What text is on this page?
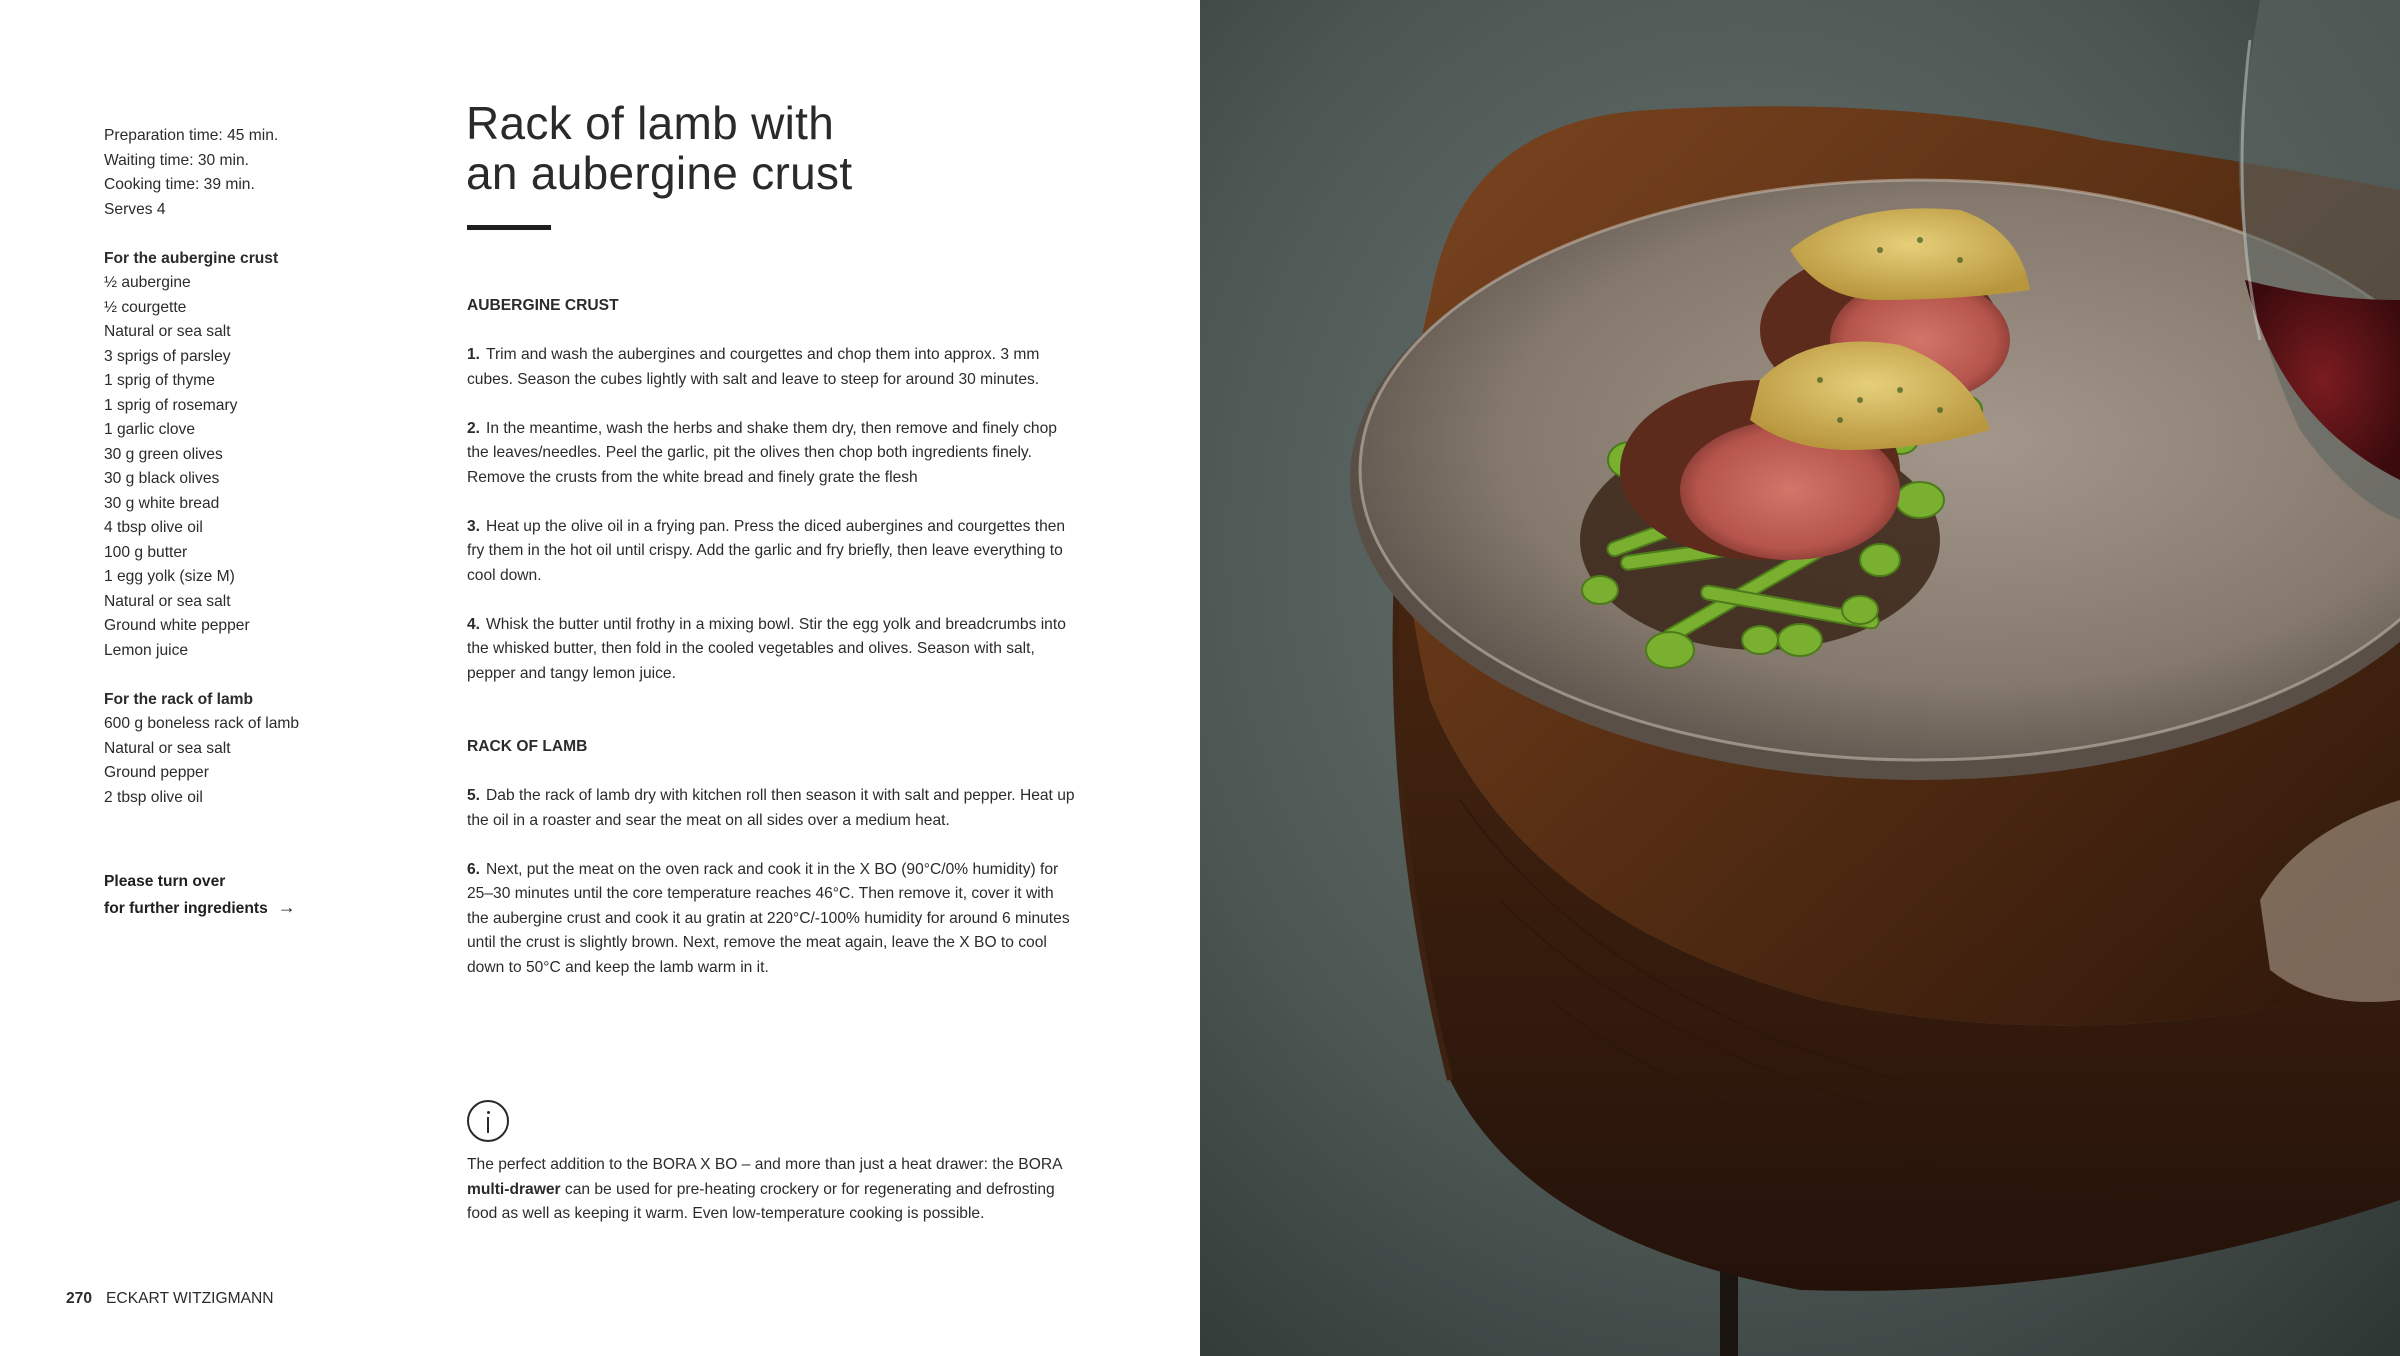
Preparation time: 45 min.
Waiting time: 30 min.
Cooking time: 39 min.
Serves 4
For the aubergine crust
½ aubergine
½ courgette
Natural or sea salt
3 sprigs of parsley
1 sprig of thyme
1 sprig of rosemary
1 garlic clove
30 g green olives
30 g black olives
30 g white bread
4 tbsp olive oil
100 g butter
1 egg yolk (size M)
Natural or sea salt
Ground white pepper
Lemon juice
For the rack of lamb
600 g boneless rack of lamb
Natural or sea salt
Ground pepper
2 tbsp olive oil
Please turn over
for further ingredients →
Rack of lamb with
an aubergine crust
AUBERGINE CRUST

1. Trim and wash the aubergines and courgettes and chop them into approx. 3 mm cubes. Season the cubes lightly with salt and leave to steep for around 30 minutes.

2. In the meantime, wash the herbs and shake them dry, then remove and finely chop the leaves/needles. Peel the garlic, pit the olives then chop both ingredients finely. Remove the crusts from the white bread and finely grate the flesh

3. Heat up the olive oil in a frying pan. Press the diced aubergines and courgettes then fry them in the hot oil until crispy. Add the garlic and fry briefly, then leave everything to cool down.

4. Whisk the butter until frothy in a mixing bowl. Stir the egg yolk and breadcrumbs into the whisked butter, then fold in the cooled vegetables and olives. Season with salt, pepper and tangy lemon juice.

RACK OF LAMB

5. Dab the rack of lamb dry with kitchen roll then season it with salt and pepper. Heat up the oil in a roaster and sear the meat on all sides over a medium heat.

6. Next, put the meat on the oven rack and cook it in the X BO (90°C/0% humidity) for 25–30 minutes until the core temperature reaches 46°C. Then remove it, cover it with the aubergine crust and cook it au gratin at 220°C/-100% humidity for around 6 minutes until the crust is slightly brown. Next, remove the meat again, leave the X BO to cool down to 50°C and keep the lamb warm in it.

The perfect addition to the BORA X BO – and more than just a heat drawer: the BORA multi-drawer can be used for pre-heating crockery or for regenerating and defrosting food as well as keeping it warm. Even low-temperature cooking is possible.
270 ECKART WITZIGMANN
